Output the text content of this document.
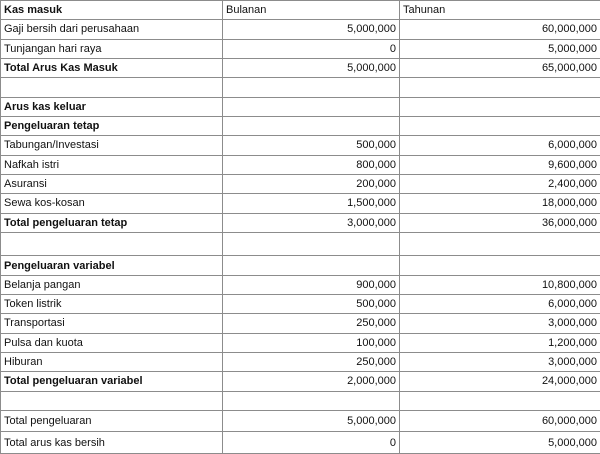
Kas masuk	Bulanan	Tahunan
Gaji bersih dari perusahaan	5,000,000	60,000,000
Tunjangan hari raya	0	5,000,000
Total Arus Kas Masuk	5,000,000	65,000,000

Arus kas keluar		
Pengeluaran tetap		
Tabungan/Investasi	500,000	6,000,000
Nafkah istri	800,000	9,600,000
Asuransi	200,000	2,400,000
Sewa kos-kosan	1,500,000	18,000,000
Total pengeluaran tetap	3,000,000	36,000,000

Pengeluaran variabel		
Belanja pangan	900,000	10,800,000
Token listrik	500,000	6,000,000
Transportasi	250,000	3,000,000
Pulsa dan kuota	100,000	1,200,000
Hiburan	250,000	3,000,000
Total pengeluaran variabel	2,000,000	24,000,000

Total pengeluaran	5,000,000	60,000,000
Total arus kas bersih	0	5,000,000
